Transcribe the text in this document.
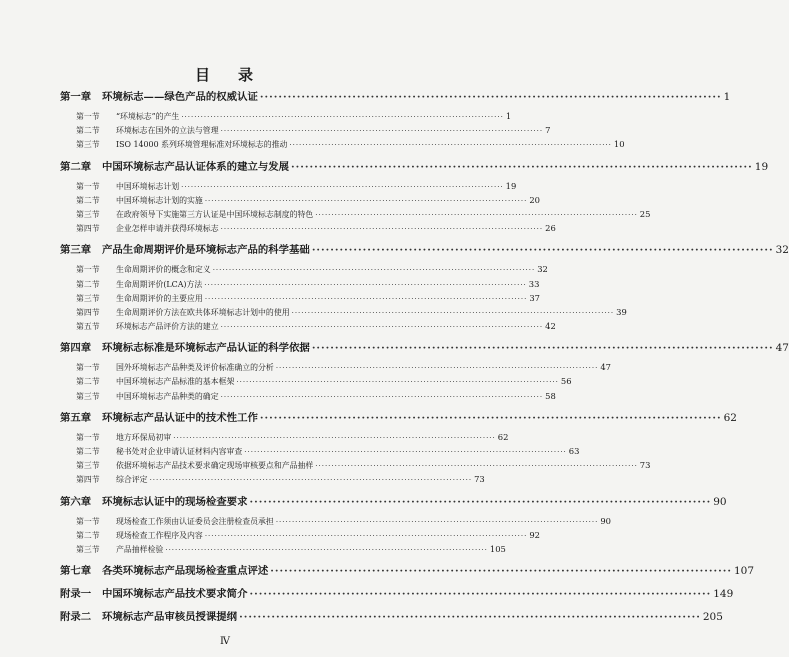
目 录
第一章 环境标志——绿色产品的权威认证 ···································································································· 1
第一节 “环境标志”的产生 ···································································································· 1
第二节 环境标志在国外的立法与管理 ···································································································· 7
第三节 ISO 14000 系列环境管理标准对环境标志的推动 ···································································································· 10
第二章 中国环境标志产品认证体系的建立与发展 ···································································································· 19
第一节 中国环境标志计划 ···································································································· 19
第二节 中国环境标志计划的实施 ···································································································· 20
第三节 在政府领导下实施第三方认证是中国环境标志制度的特色 ···································································································· 25
第四节 企业怎样申请并获得环境标志 ···································································································· 26
第三章 产品生命周期评价是环境标志产品的科学基础 ···································································································· 32
第一节 生命周期评价的概念和定义 ···································································································· 32
第二节 生命周期评价(LCA)方法 ···································································································· 33
第三节 生命周期评价的主要应用 ···································································································· 37
第四节 生命周期评价方法在欧共体环境标志计划中的使用 ···································································································· 39
第五节 环境标志产品评价方法的建立 ···································································································· 42
第四章 环境标志标准是环境标志产品认证的科学依据 ···································································································· 47
第一节 国外环境标志产品种类及评价标准确立的分析 ···································································································· 47
第二节 中国环境标志产品标准的基本框架 ···································································································· 56
第三节 中国环境标志产品种类的确定 ···································································································· 58
第五章 环境标志产品认证中的技术性工作 ···································································································· 62
第一节 地方环保局初审 ···································································································· 62
第二节 秘书处对企业申请认证材料内容审查 ···································································································· 63
第三节 依据环境标志产品技术要求确定现场审核要点和产品抽样 ···································································································· 73
第四节 综合评定 ···································································································· 73
第六章 环境标志认证中的现场检查要求 ···································································································· 90
第一节 现场检查工作须由认证委员会注册检查员承担 ···································································································· 90
第二节 现场检查工作程序及内容 ···································································································· 92
第三节 产品抽样检验 ···································································································· 105
第七章 各类环境标志产品现场检查重点评述 ···································································································· 107
附录一 中国环境标志产品技术要求简介 ···································································································· 149
附录二 环境标志产品审核员授课提纲 ···································································································· 205
Ⅳ
